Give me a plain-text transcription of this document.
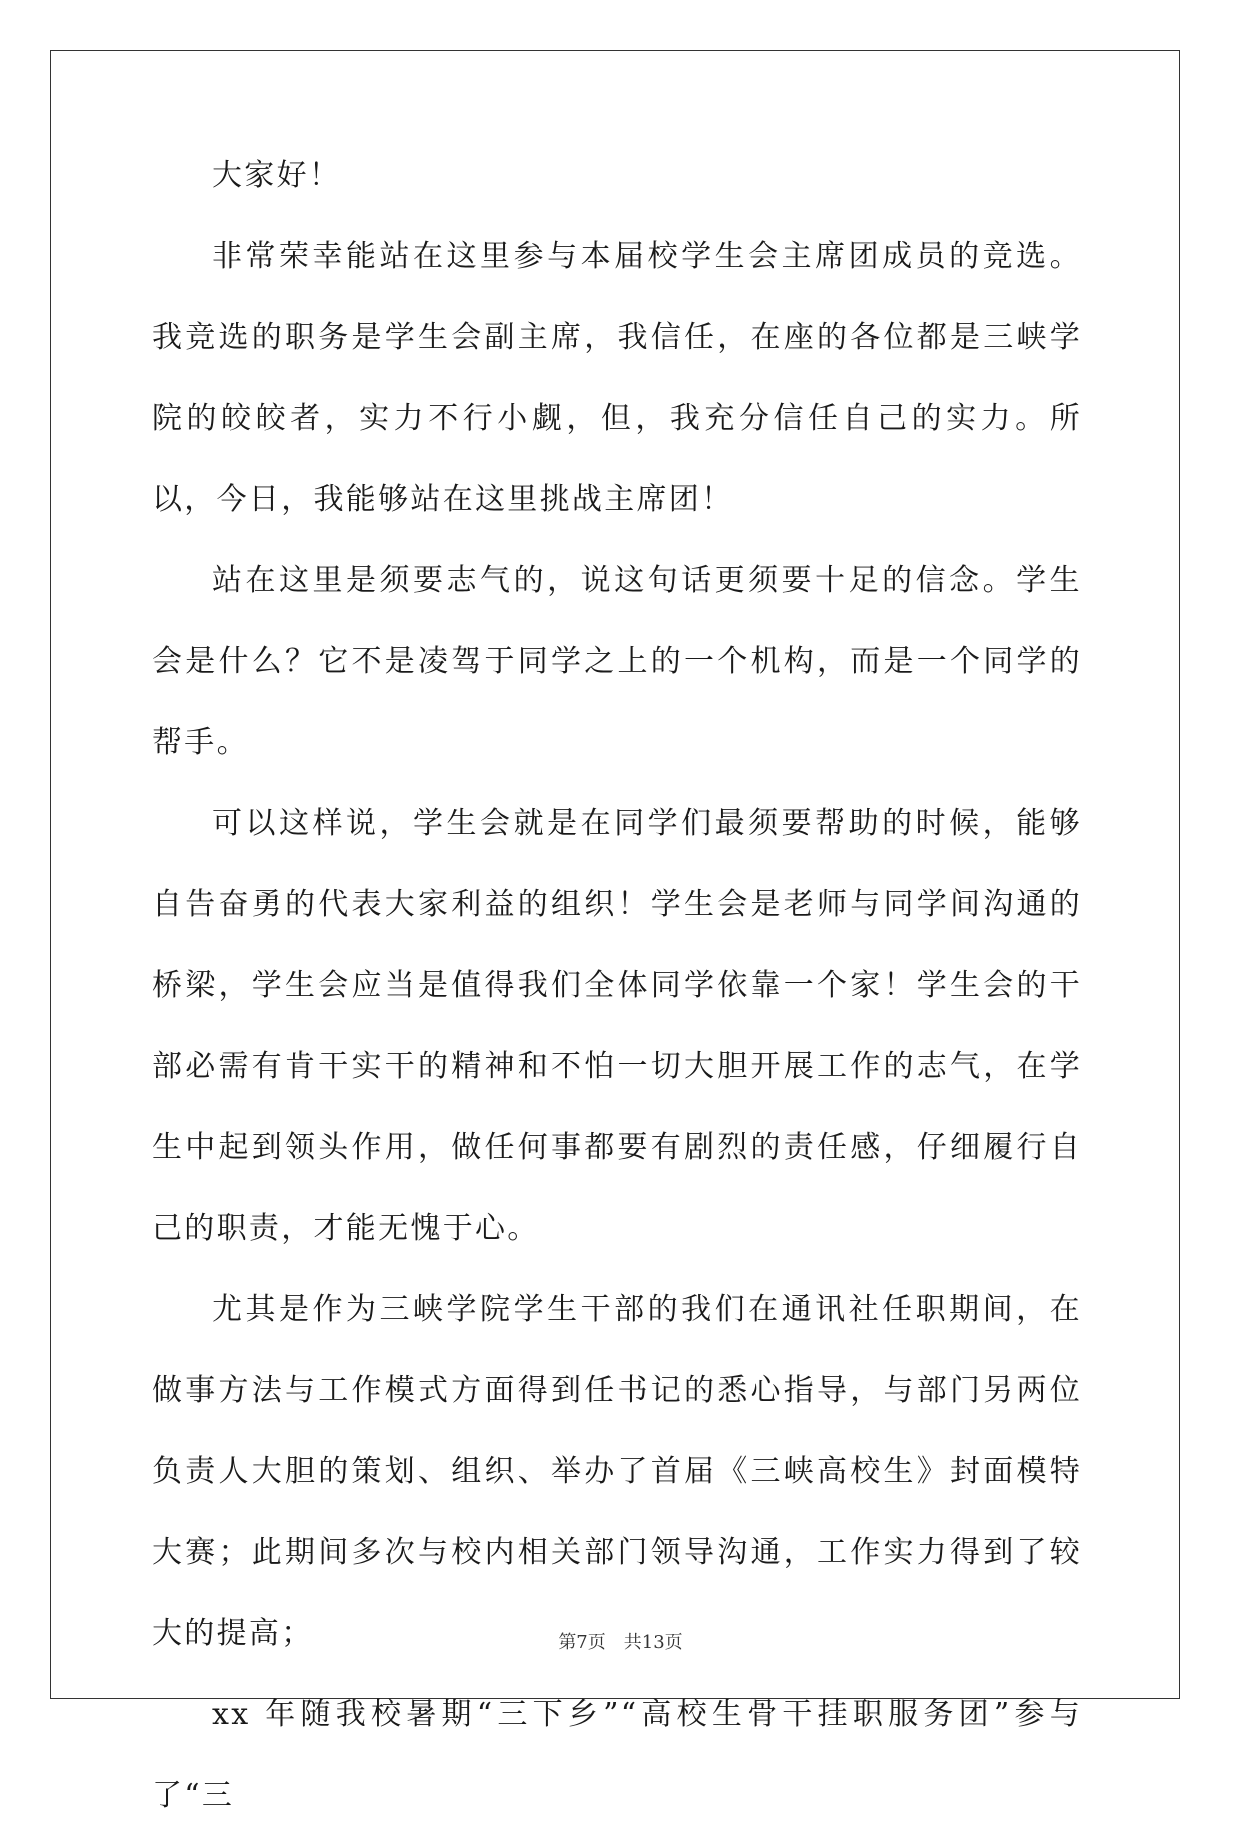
大家好！

非常荣幸能站在这里参与本届校学生会主席团成员的竞选。我竞选的职务是学生会副主席，我信任，在座的各位都是三峡学院的皎皎者，实力不行小觑，但，我充分信任自己的实力。所以，今日，我能够站在这里挑战主席团！

站在这里是须要志气的，说这句话更须要十足的信念。学生会是什么？它不是凌驾于同学之上的一个机构，而是一个同学的帮手。

可以这样说，学生会就是在同学们最须要帮助的时候，能够自告奋勇的代表大家利益的组织！学生会是老师与同学间沟通的桥梁，学生会应当是值得我们全体同学依靠一个家！学生会的干部必需有肯干实干的精神和不怕一切大胆开展工作的志气，在学生中起到领头作用，做任何事都要有剧烈的责任感，仔细履行自己的职责，才能无愧于心。

尤其是作为三峡学院学生干部的我们在通讯社任职期间，在做事方法与工作模式方面得到任书记的悉心指导，与部门另两位负责人大胆的策划、组织、举办了首届《三峡高校生》封面模特大赛；此期间多次与校内相关部门领导沟通，工作实力得到了较大的提高；

xx 年随我校暑期“三下乡”“高校生骨干挂职服务团”参与了“三

第7页 共13页
